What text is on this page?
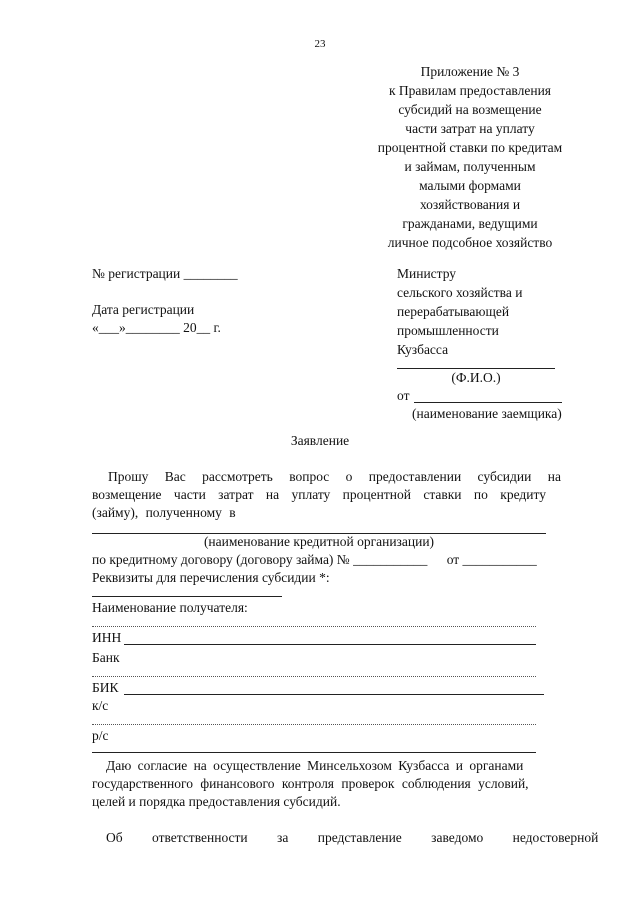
23
Приложение № 3
к Правилам предоставления
субсидий на возмещение
части затрат на уплату
процентной ставки по кредитам
и займам, полученным
малыми формами
хозяйствования и
гражданами, ведущими
личное подсобное хозяйство
№ регистрации ________
Дата регистрации
«___»________ 20__ г.
Министру
сельского хозяйства и
перерабатывающей
промышленности
Кузбасса
(Ф.И.О.)
от
(наименование заемщика)
Заявление
Прошу Вас рассмотреть вопрос о предоставлении субсидии на
возмещение части затрат на уплату процентной ставки по кредиту
(займу), полученному в
(наименование кредитной организации)
по кредитному договору (договору займа) № ___________ от ___________
Реквизиты для перечисления субсидии *:
Наименование получателя:
ИНН
Банк
БИК
к/с
р/с
Даю согласие на осуществление Минсельхозом Кузбасса и органами
государственного финансового контроля проверок соблюдения условий,
целей и порядка предоставления субсидий.
Об ответственности за представление заведомо недостоверной
